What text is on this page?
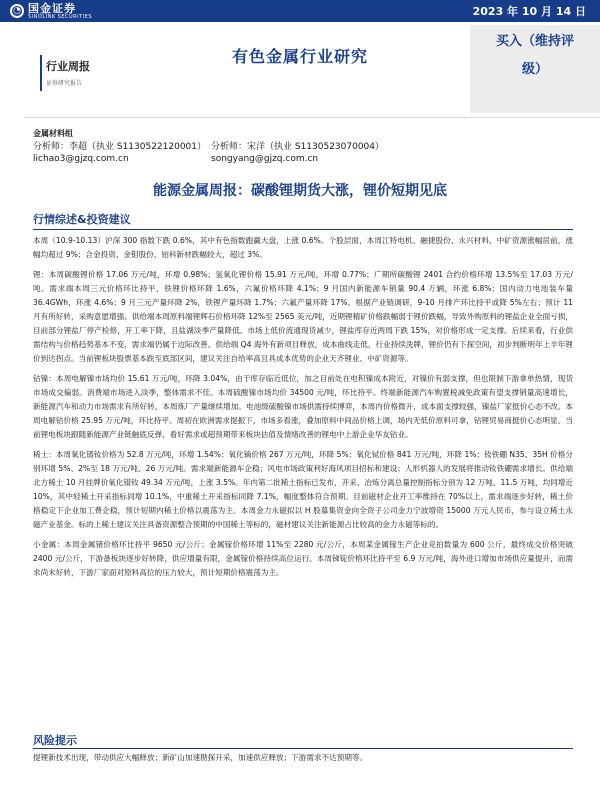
◔ 国金证券
SINOLINK SECURITIES	2023 年 10 月 14 日
行业周报
证券研究报告
有色金属行业研究
买入（维持评
级）
金属材料组
分析师：李超（执业 S1130522120001） 分析师：宋洋（执业 S1130523070004）
lichao3@gjzq.com.cn	songyang@gjzq.com.cn
能源金属周报：碳酸锂期货大涨，锂价短期见底
行情综述&投资建议

本周（10.9-10.13）沪深 300 指数下跌 0.6%，其中有色指数跑赢大盘，上涨 0.6%。个股层面，本周江特电机、融捷股份、永兴材料、中矿资源涨幅居前，涨幅均超过 9%；合金投资、金钼股份、铂科新材跌幅较大，超过 3%。

锂：本周碳酸锂价格 17.06 万元/吨，环增 0.98%；氢氧化锂价格 15.91 万元/吨，环增 0.77%；广期所碳酸锂 2401 合约价格环增 13.5%至 17.03 万元/吨。需求端本周三元价格环比持平，铁锂价格环降 1.6%，六氟价格环降 4.1%；9 月国内新能源车销量 90.4 万辆，环涨 6.8%；国内动力电池装车量 36.4GWh，环涨 4.6%；9 月三元产量环降 2%，铁锂产量环降 1.7%；六氟产量环降 17%。根据产业链调研，9-10 月排产环比持平或降 5%左右；预计 11 月有所好转，采购意愿增强。供给端本周原料端锂辉石价格环降 12%至 2565 美元/吨，近期锂精矿价格跌幅弱于锂价跌幅，导致外购原料的锂盐企业全面亏损，目前部分锂盐厂停产检修，开工率下降，且盐湖淡季产量降低。市场上低价流通现货减少，锂盐库存近两周下跌 15%，对价格形成一定支撑。后续来看，行业供需结构与价格趋势基本不变，需求端仍属于边际改善。供给端 Q4 海外有新项目释放，成本曲线走低，行业持续洗牌，锂价仍有下探空间，初步判断明年上半年锂价到达拐点。当前锂板块股票基本跌至底部区间，建议关注自给率高且具成本优势的企业天齐锂业、中矿资源等。

钴镍：本周电解镍市场均价 15.61 万元/吨，环降 3.04%，由于库存临近低位，加之目前处在电积镍成本附近，对镍价有弱支撑，但也限制下游拿单热情，现货市场成交偏弱。消费端市场进入淡季，整体需求不佳。本周硫酸镍市场均价 34500 元/吨，环比持平。终端新能源汽车购置税减免政策有望支撑销量高速增长，新能源汽车和动力市场需求有所好转，本周炼厂产量继续增加。电池级硫酸镍市场供需持续博弈，本周内价格微升，成本面支撑较强，镍盐厂家挺价心态不改。本周电解钴价格 25.95 万元/吨，环比持平。周初在欧洲需求提振下，市场多看涨，叠加原料中间品价格上调，场内无低价原料可拿，钴锂贸易商挺价心态明显。当前锂电板块跟随新能源产业链触底反弹，看好需求或超预期带来板块估值及情绪改善的锂电中上游企业华友钴业。

稀土：本周氧化镨钕价格为 52.8 万元/吨，环增 1.54%；氧化镝价格 267 万元/吨，环降 5%；氧化铽价格 841 万元/吨，环降 1%；钕铁硼 N35、35H 价格分别环增 5%、2%至 18 万元/吨、26 万元/吨。需求端新能源车企稳；风电市场政策利好海风项目招标和建设；人形机器人的发展将推动钕铁硼需求增长。供给端北方稀土 10 月挂牌价氧化镨钕 49.34 万元/吨，上涨 3.5%。年内第二批稀土指标已发布，开采、冶炼分离总量控制指标分别为 12 万吨、11.5 万吨，均同增近 10%，其中轻稀土开采指标同增 10.1%，中重稀土开采指标同降 7.1%，幅度整体符合预期。目前磁材企业开工率维持在 70%以上，需求端逐步好转，稀土价格稳定下企业加工费企稳，预计短期内稀土价格以震荡为主。本周金力永磁拟以 H 股募集资金向全资子公司金力宁波增资 15000 万元人民币，参与设立稀土永磁产业基金。标的上稀土建议关注具备资源整合预期的中国稀土等标的，磁材建议关注新能源占比较高的金力永磁等标的。

小金属：本周金属锗价格环比持平 9650 元/公斤；金属镓价格环增 11%至 2280 元/公斤，本周某金属镓生产企业竞拍数量为 600 公斤，最终成交价格突破 2400 元/公斤，下游备板块逐步好转降，供应增量有限，金属镓价格持续高位运行。本周锑锭价格环比持平至 6.9 万元/吨，海外进口增加市场供应量提升，而需求尚未好转，下游厂家面对原料高位的压力较大，预计短期价格震荡为主。

风险提示
提锂新技术出现，带动供应大幅释放；新矿山加速勘探开采，加速供应释放；下游需求不达预期等。
